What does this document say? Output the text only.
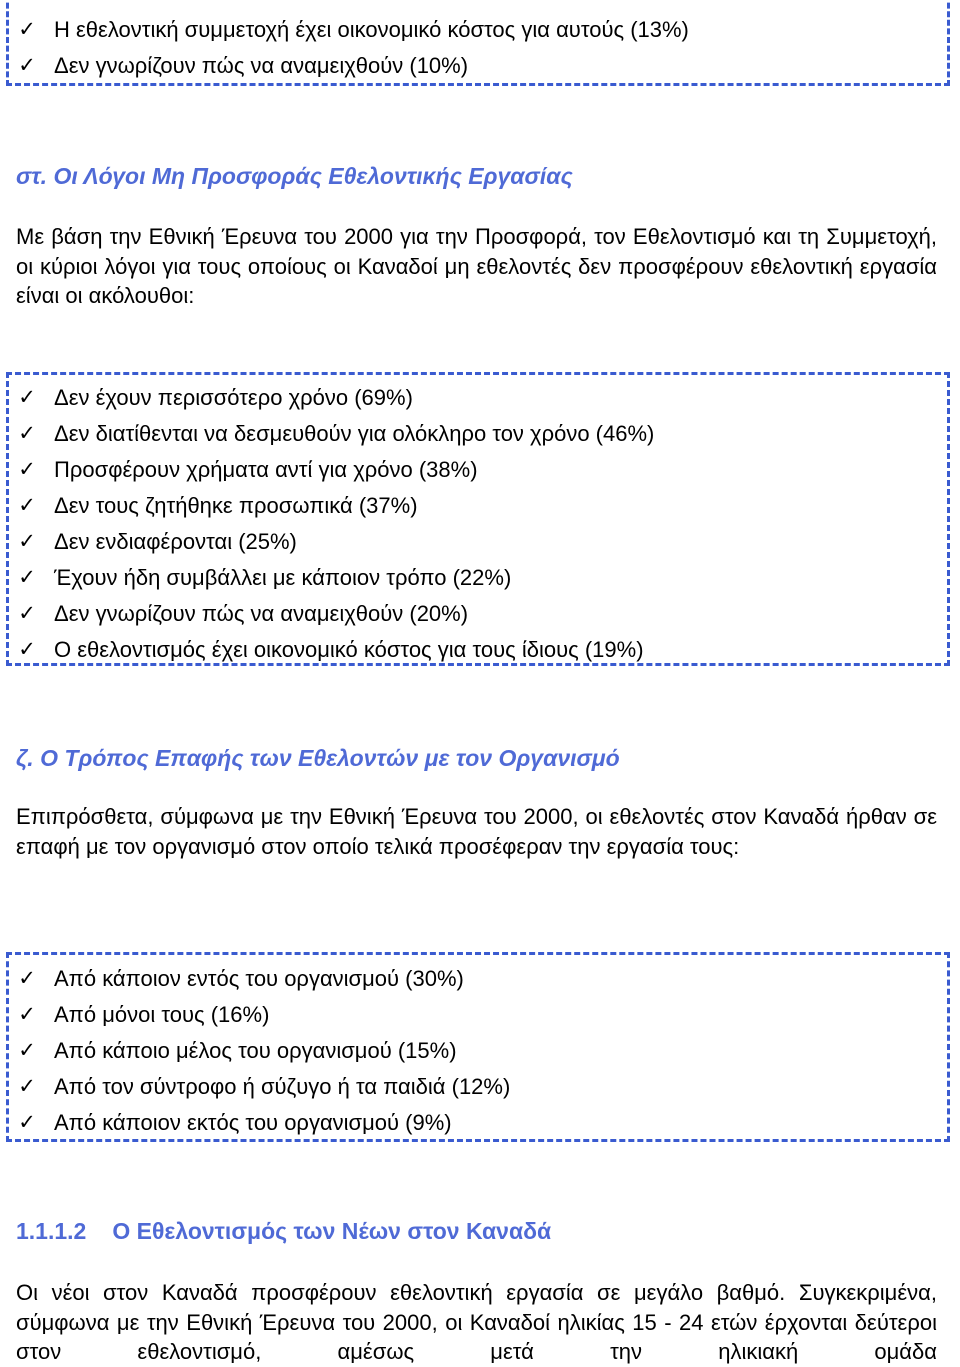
✓ Η εθελοντική συμμετοχή έχει οικονομικό κόστος για αυτούς (13%)
✓ Δεν γνωρίζουν πώς να αναμειχθούν (10%)
στ. Οι Λόγοι Μη Προσφοράς Εθελοντικής Εργασίας

Με βάση την Εθνική Έρευνα του 2000 για την Προσφορά, τον Εθελοντισμό και τη Συμμετοχή, οι κύριοι λόγοι για τους οποίους οι Καναδοί μη εθελοντές δεν προσφέρουν εθελοντική εργασία είναι οι ακόλουθοι:

✓ Δεν έχουν περισσότερο χρόνο (69%)
✓ Δεν διατίθενται να δεσμευθούν για ολόκληρο τον χρόνο (46%)
✓ Προσφέρουν χρήματα αντί για χρόνο (38%)
✓ Δεν τους ζητήθηκε προσωπικά (37%)
✓ Δεν ενδιαφέρονται (25%)
✓ Έχουν ήδη συμβάλλει με κάποιον τρόπο (22%)
✓ Δεν γνωρίζουν πώς να αναμειχθούν (20%)
✓ Ο εθελοντισμός έχει οικονομικό κόστος για τους ίδιους (19%)
ζ. Ο Τρόπος Επαφής των Εθελοντών με τον Οργανισμό

Επιπρόσθετα, σύμφωνα με την Εθνική Έρευνα του 2000, οι εθελοντές στον Καναδά ήρθαν σε επαφή με τον οργανισμό στον οποίο τελικά προσέφεραν την εργασία τους:

✓ Από κάποιον εντός του οργανισμού (30%)
✓ Από μόνοι τους (16%)
✓ Από κάποιο μέλος του οργανισμού (15%)
✓ Από τον σύντροφο ή σύζυγο ή τα παιδιά (12%)
✓ Από κάποιον εκτός του οργανισμού (9%)
1.1.1.2 Ο Εθελοντισμός των Νέων στον Καναδά

Οι νέοι στον Καναδά προσφέρουν εθελοντική εργασία σε μεγάλο βαθμό. Συγκεκριμένα, σύμφωνα με την Εθνική Έρευνα του 2000, οι Καναδοί ηλικίας 15 - 24 ετών έρχονται δεύτεροι στον εθελοντισμό, αμέσως μετά την ηλικιακή ομάδα
